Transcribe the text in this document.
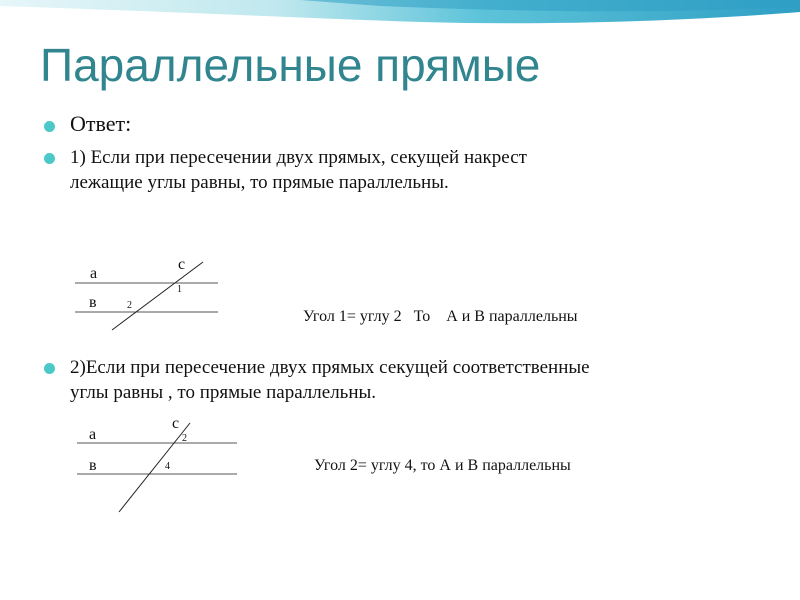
Параллельные прямые
Ответ:
1) Если при пересечении двух прямых, секущей накрест
лежащие углы равны, то прямые параллельны.
а
в
с
1
2
Угол 1= углу 2   То    А и В параллельны
2)Если при пересечение двух прямых секущей соответственные
углы равны , то прямые параллельны.
а
в
с
2
4	Угол 2= углу 4, то А и В параллельны
